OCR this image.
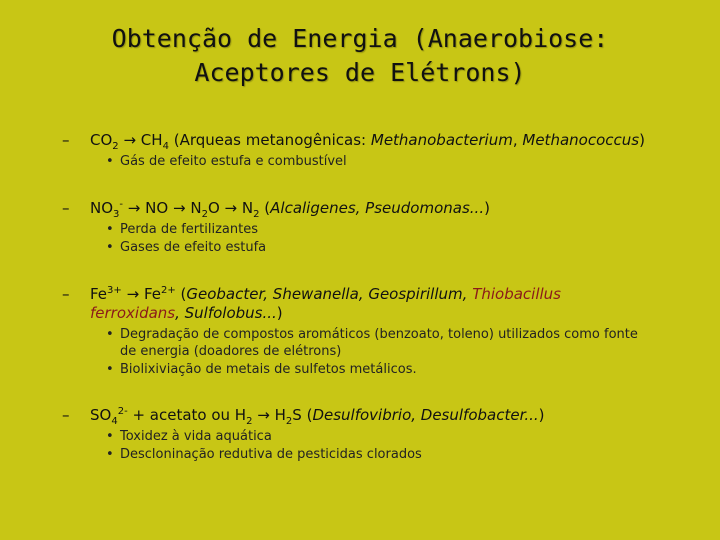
Obtenção de Energia (Anaerobiose:
Aceptores de Elétrons)
– $CO_2 \to CH_4$ (Arqueas metanogênicas: Methanobacterium, Methanococcus)
• Gás de efeito estufa e combustível
– $NO_3^-$ → NO → $N_2O \to N_2$ (Alcaligenes, Pseudomonas...)
• Perda de fertilizantes
• Gases de efeito estufa
– $Fe^{3+} \to Fe^{2+}$ (Geobacter, Shewanella, Geospirillum, Thiobacillus
ferroxidans, Sulfolobus...)
• Degradação de compostos aromáticos (benzoato, toleno) utilizados como fonte
de energia (doadores de elétrons)
• Biolixiviação de metais de sulfetos metálicos.
– $SO_4^{2-}$ + acetato ou $H_2 \to H_2S$ (Desulfovibrio, Desulfobacter...)
• Toxidez à vida aquática
• Descloninação redutiva de pesticidas clorados
